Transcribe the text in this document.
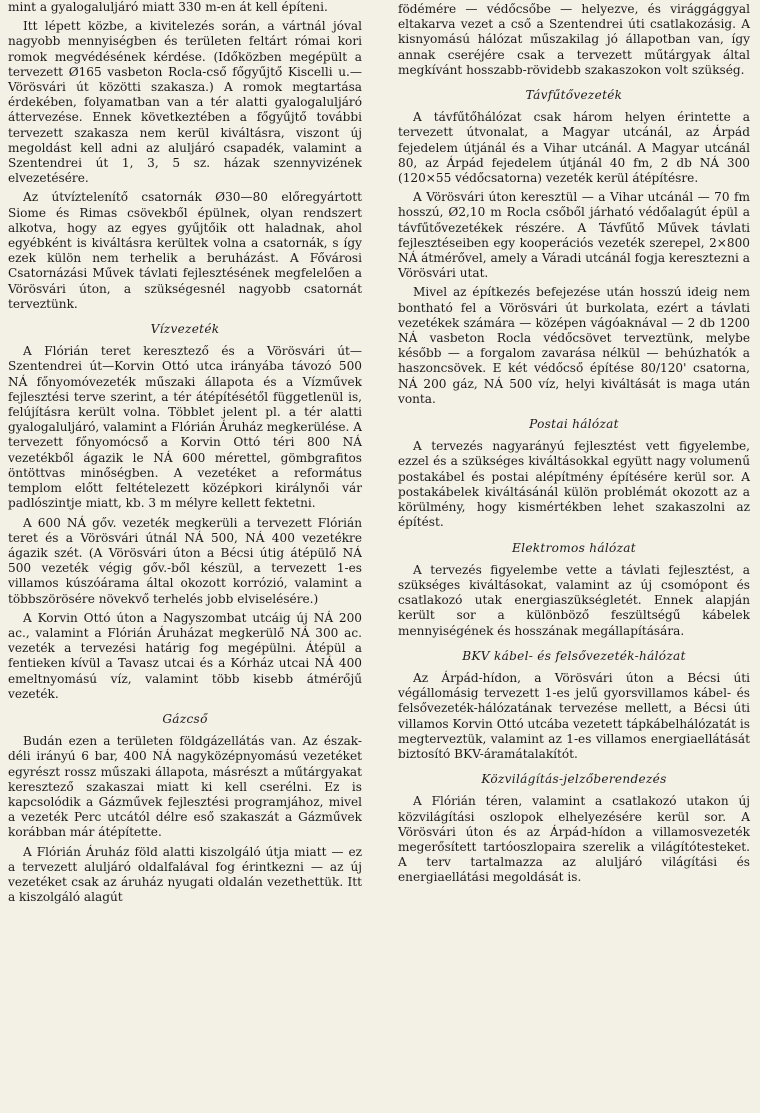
mint a gyalogaluljáró miatt 330 m-en át kell építeni.

Itt lépett közbe, a kivitelezés során, a vártnál jóval nagyobb mennyiségben és területen feltárt római kori romok megvédésének kérdése. (Időközben megépült a tervezett Ø165 vasbeton Rocla-cső főgyűjtő Kiscelli u.—Vörösvári út közötti szakasza.) A romok megtartása érdekében, folyamatban van a tér alatti gyalogaluljáró áttervezése. Ennek következtében a főgyűjtő további tervezett szakasza nem kerül kiváltásra, viszont új megoldást kell adni az aluljáró csapadék, valamint a Szentendrei út 1, 3, 5 sz. házak szennyvizének elvezetésére.

Az útvíztelenítő csatornák Ø30—80 előregyártott Siome és Rimas csövekből épülnek, olyan rendszert alkotva, hogy az egyes gyűjtőik ott haladnak, ahol egyébként is kiváltásra kerültek volna a csatornák, s így ezek külön nem terhelik a beruházást. A Fővárosi Csatornázási Művek távlati fejlesztésének megfelelően a Vörösvári úton, a szükségesnél nagyobb csatornát terveztünk.

Vízvezeték

A Flórián teret keresztező és a Vörösvári út—Szentendrei út—Korvin Ottó utca irányába távozó 500 NÁ főnyomóvezeték műszaki állapota és a Vízművek fejlesztési terve szerint, a tér átépítésétől függetlenül is, felújításra került volna. Többlet jelent pl. a tér alatti gyalogaluljáró, valamint a Flórián Áruház megkerülése. A tervezett főnyomócső a Korvin Ottó téri 800 NÁ vezetékből ágazik le NÁ 600 mérettel, gömbgrafitos öntöttvas minőségben. A vezetéket a református templom előtt feltételezett középkori királynői vár padlószintje miatt, kb. 3 m mélyre kellett fektetni.

A 600 NÁ gőv. vezeték megkerüli a tervezett Flórián teret és a Vörösvári útnál NÁ 500, NÁ 400 vezetékre ágazik szét. (A Vörösvári úton a Bécsi útig átépülő NÁ 500 vezeték végig gőv.-ből készül, a tervezett 1-es villamos kúszóárama által okozott korrózió, valamint a többszörösére növekvő terhelés jobb elviselésére.)

A Korvin Ottó úton a Nagyszombat utcáig új NÁ 200 ac., valamint a Flórián Áruházat megkerülő NÁ 300 ac. vezeték a tervezési határig fog megépülni. Átépül a fentieken kívül a Tavasz utcai és a Kórház utcai NÁ 400 emeltnyomású víz, valamint több kisebb átmérőjű vezeték.

Gázcső

Budán ezen a területen földgázellátás van. Az észak-déli irányú 6 bar, 400 NÁ nagyközépnyomású vezetéket egyrészt rossz műszaki állapota, másrészt a műtárgyakat keresztező szakaszai miatt ki kell cserélni. Ez is kapcsolódik a Gázművek fejlesztési programjához, mivel a vezeték Perc utcától délre eső szakaszát a Gázművek korábban már átépítette.

A Flórián Áruház föld alatti kiszolgáló útja miatt — ez a tervezett aluljáró oldalfalával fog érintkezni — az új vezetéket csak az áruház nyugati oldalán vezethettük. Itt a kiszolgáló alagút

födémére — védőcsőbe — helyezve, és virággággyal eltakarva vezet a cső a Szentendrei úti csatlakozásig. A kisnyomású hálózat műszakilag jó állapotban van, így annak cseréjére csak a tervezett műtárgyak által megkívánt hosszabb-rövidebb szakaszokon volt szükség.

Távfűtővezeték

A távfűtőhálózat csak három helyen érintette a tervezett útvonalat, a Magyar utcánál, az Árpád fejedelem útjánál és a Vihar utcánál. A Magyar utcánál 80, az Árpád fejedelem útjánál 40 fm, 2 db NÁ 300 (120×55 védőcsatorna) vezeték kerül átépítésre.

A Vörösvári úton keresztül — a Vihar utcánál — 70 fm hosszú, Ø2,10 m Rocla csőből járható védőalagút épül a távfűtővezetékek részére. A Távfűtő Művek távlati fejlesztéseiben egy kooperációs vezeték szerepel, 2×800 NÁ átmérővel, amely a Váradi utcánál fogja keresztezni a Vörösvári utat.

Mivel az építkezés befejezése után hosszú ideig nem bontható fel a Vörösvári út burkolata, ezért a távlati vezetékek számára — középen vágóaknával — 2 db 1200 NÁ vasbeton Rocla védőcsövet terveztünk, melybe később — a forgalom zavarása nélkül — behúzhatók a haszoncsövek. E két védőcső építése 80/120' csatorna, NÁ 200 gáz, NÁ 500 víz, helyi kiváltását is maga után vonta.

Postai hálózat

A tervezés nagyarányú fejlesztést vett figyelembe, ezzel és a szükséges kiváltásokkal együtt nagy volumenű postakábel és postai alépítmény építésére kerül sor. A postakábelek kiváltásánál külön problémát okozott az a körülmény, hogy kismértékben lehet szakaszolni az építést.

Elektromos hálózat

A tervezés figyelembe vette a távlati fejlesztést, a szükséges kiváltásokat, valamint az új csomópont és csatlakozó utak energiaszükségletét. Ennek alapján került sor a különböző feszültségű kábelek mennyiségének és hosszának megállapítására.

BKV kábel- és felsővezeték-hálózat

Az Árpád-hídon, a Vörösvári úton a Bécsi úti végállomásig tervezett 1-es jelű gyorsvillamos kábel- és felsővezeték-hálózatának tervezése mellett, a Bécsi úti villamos Korvin Ottó utcába vezetett tápkábelhálózatát is megterveztük, valamint az 1-es villamos energiaellátását biztosító BKV-áramátalakítót.

Közvilágítás-jelzőberendezés

A Flórián téren, valamint a csatlakozó utakon új közvilágítási oszlopok elhelyezésére kerül sor. A Vörösvári úton és az Árpád-hídon a villamosvezeték megerősített tartóoszlopaira szerelik a világítótesteket. A terv tartalmazza az aluljáró világítási és energiaellátási megoldását is.
